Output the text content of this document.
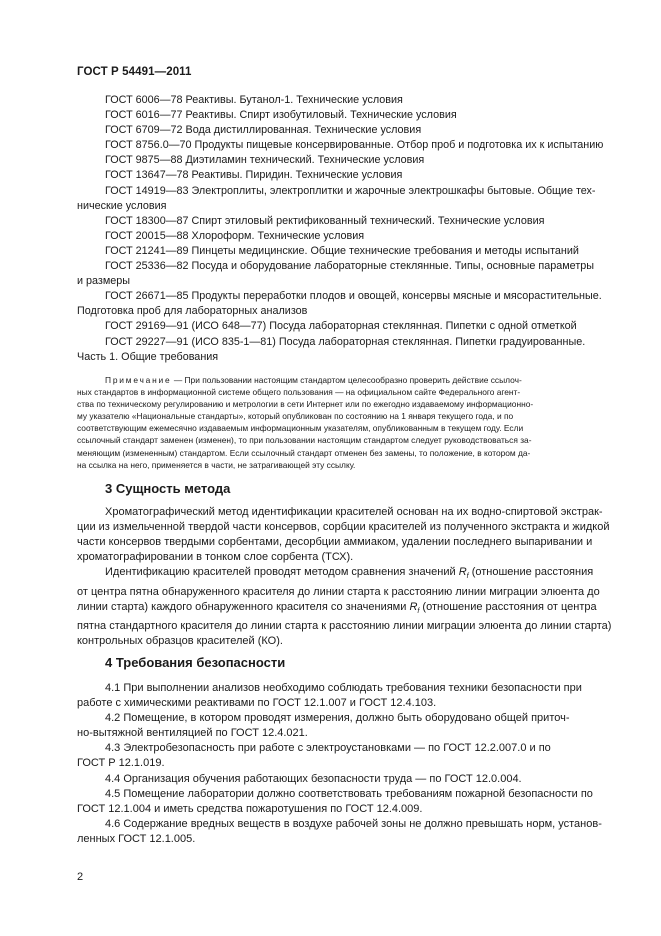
ГОСТ Р 54491—2011

ГОСТ 6006—78 Реактивы. Бутанол-1. Технические условия

ГОСТ 6016—77 Реактивы. Спирт изобутиловый. Технические условия

ГОСТ 6709—72 Вода дистиллированная. Технические условия

ГОСТ 8756.0—70 Продукты пищевые консервированные. Отбор проб и подготовка их к испытанию

ГОСТ 9875—88 Диэтиламин технический. Технические условия

ГОСТ 13647—78 Реактивы. Пиридин. Технические условия

ГОСТ 14919—83 Электроплиты, электроплитки и жарочные электрошкафы бытовые. Общие тех-

нические условия

ГОСТ 18300—87 Спирт этиловый ректификованный технический. Технические условия

ГОСТ 20015—88 Хлороформ. Технические условия

ГОСТ 21241—89 Пинцеты медицинские. Общие технические требования и методы испытаний

ГОСТ 25336—82 Посуда и оборудование лабораторные стеклянные. Типы, основные параметры

и размеры

ГОСТ 26671—85 Продукты переработки плодов и овощей, консервы мясные и мясорастительные.

Подготовка проб для лабораторных анализов

ГОСТ 29169—91 (ИСО 648—77) Посуда лабораторная стеклянная. Пипетки с одной отметкой

ГОСТ 29227—91 (ИСО 835-1—81) Посуда лабораторная стеклянная. Пипетки градуированные.

Часть 1. Общие требования

Примечание — При пользовании настоящим стандартом целесообразно проверить действие ссылоч-

ных стандартов в информационной системе общего пользования — на официальном сайте Федерального агент-
ства по техническому регулированию и метрологии в сети Интернет или по ежегодно издаваемому информационно-
му указателю «Национальные стандарты», который опубликован по состоянию на 1 января текущего года, и по
соответствующим ежемесячно издаваемым информационным указателям, опубликованным в текущем году. Если
ссылочный стандарт заменен (изменен), то при пользовании настоящим стандартом следует руководствоваться за-
меняющим (измененным) стандартом. Если ссылочный стандарт отменен без замены, то положение, в котором да-
на ссылка на него, применяется в части, не затрагивающей эту ссылку.
3 Сущность метода

Хроматографический метод идентификации красителей основан на их водно-спиртовой экстрак-

ции из измельченной твердой части консервов, сорбции красителей из полученного экстракта и жидкой
части консервов твердыми сорбентами, десорбции аммиаком, удалении последнего выпаривании и
хроматографировании в тонком слое сорбента (ТСХ).

Идентификацию красителей проводят методом сравнения значений $R_f$ (отношение расстояния

от центра пятна обнаруженного красителя до линии старта к расстоянию линии миграции элюента до
линии старта) каждого обнаруженного красителя со значениями $R_f$ (отношение расстояния от центра
пятна стандартного красителя до линии старта к расстоянию линии миграции элюента до линии старта)
контрольных образцов красителей (КО).
4 Требования безопасности

4.1 При выполнении анализов необходимо соблюдать требования техники безопасности при

работе с химическими реактивами по ГОСТ 12.1.007 и ГОСТ 12.4.103.

4.2 Помещение, в котором проводят измерения, должно быть оборудовано общей приточ-

но-вытяжной вентиляцией по ГОСТ 12.4.021.

4.3 Электробезопасность при работе с электроустановками — по ГОСТ 12.2.007.0 и по

ГОСТ Р 12.1.019.

4.4 Организация обучения работающих безопасности труда — по ГОСТ 12.0.004.

4.5 Помещение лаборатории должно соответствовать требованиям пожарной безопасности по

ГОСТ 12.1.004 и иметь средства пожаротушения по ГОСТ 12.4.009.

4.6 Содержание вредных веществ в воздухе рабочей зоны не должно превышать норм, установ-

ленных ГОСТ 12.1.005.
2
